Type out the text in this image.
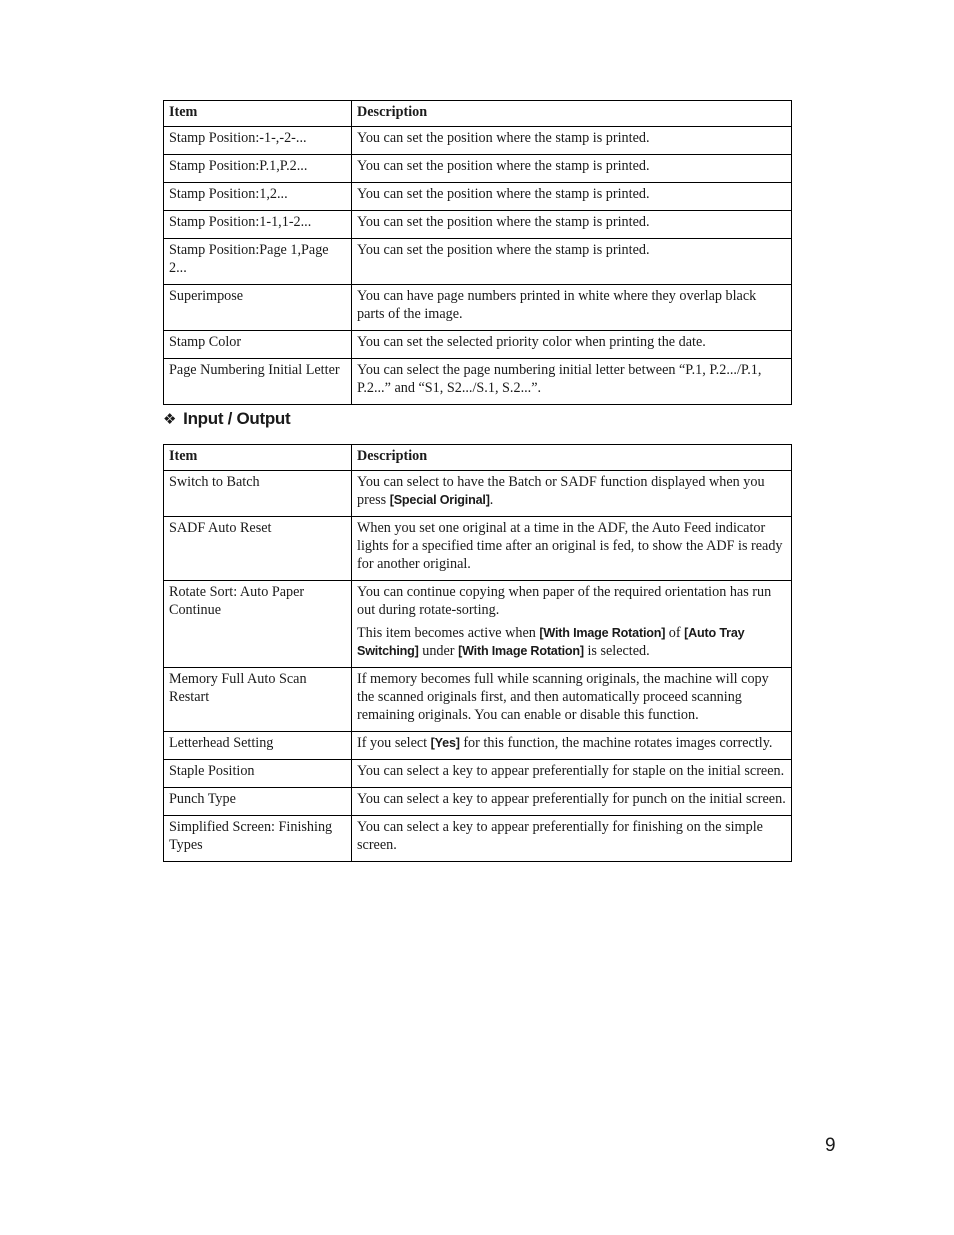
Item	Description
Stamp Position:-1-,-2-...	You can set the position where the stamp is printed.
Stamp Position:P.1,P.2...	You can set the position where the stamp is printed.
Stamp Position:1,2...	You can set the position where the stamp is printed.
Stamp Position:1-1,1-2...	You can set the position where the stamp is printed.
Stamp Position:Page 1,Page 2...	You can set the position where the stamp is printed.
Superimpose	You can have page numbers printed in white where they overlap black parts of the image.
Stamp Color	You can set the selected priority color when printing the date.
Page Numbering Initial Letter	You can select the page numbering initial letter between “P.1, P.2.../P.1, P.2...” and “S1, S2.../S.1, S.2...”.
❖ Input / Output
Item	Description
Switch to Batch	You can select to have the Batch or SADF function displayed when you press [Special Original].
SADF Auto Reset	When you set one original at a time in the ADF, the Auto Feed indicator lights for a specified time after an original is fed, to show the ADF is ready for another original.
Rotate Sort: Auto Paper Continue	You can continue copying when paper of the required orientation has run out during rotate-sorting.

This item becomes active when [With Image Rotation] of [Auto Tray Switching] under [With Image Rotation] is selected.

Memory Full Auto Scan Restart	If memory becomes full while scanning originals, the machine will copy the scanned originals first, and then automatically proceed scanning remaining originals. You can enable or disable this function.
Letterhead Setting	If you select [Yes] for this function, the machine rotates images correctly.
Staple Position	You can select a key to appear preferentially for staple on the initial screen.
Punch Type	You can select a key to appear preferentially for punch on the initial screen.
Simplified Screen: Finishing Types	You can select a key to appear preferentially for finishing on the simple screen.
9
